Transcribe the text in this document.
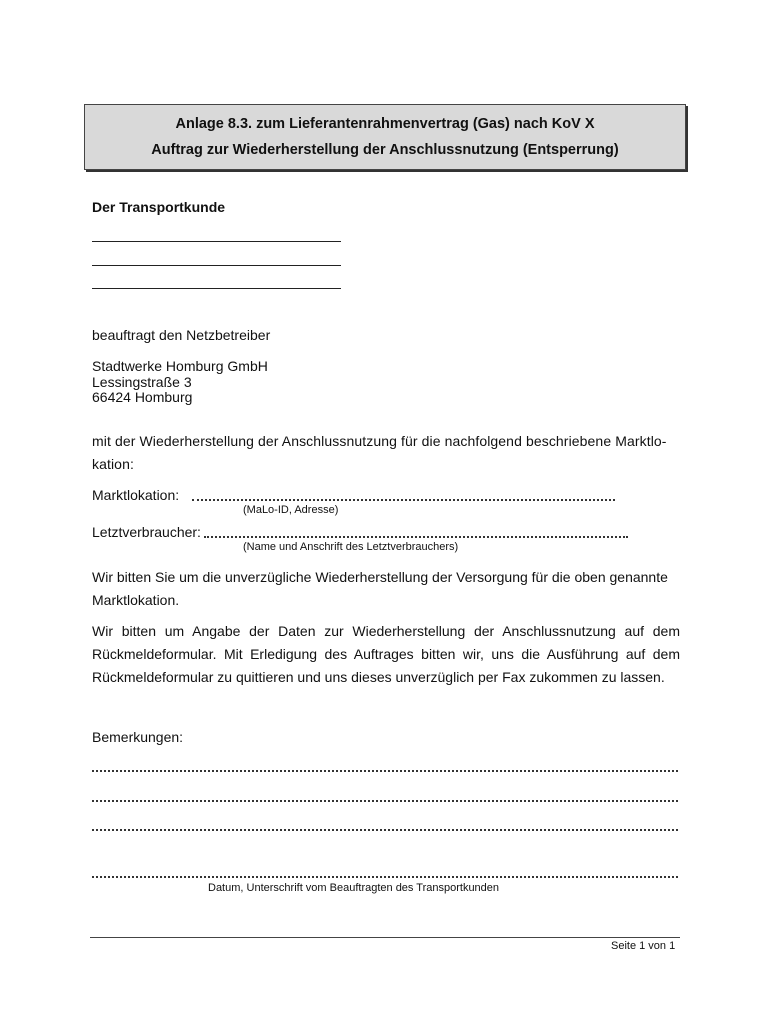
Anlage 8.3. zum Lieferantenrahmenvertrag (Gas) nach KoV X
Auftrag zur Wiederherstellung der Anschlussnutzung (Entsperrung)
Der Transportkunde
beauftragt den Netzbetreiber
Stadtwerke Homburg GmbH
Lessingstraße 3
66424 Homburg
mit der Wiederherstellung der Anschlussnutzung für die nachfolgend beschriebene Marktlo-kation:
Marktlokation:
(MaLo-ID, Adresse)
Letztverbraucher:
(Name und Anschrift des Letztverbrauchers)
Wir bitten Sie um die unverzügliche Wiederherstellung der Versorgung für die oben genannte Marktlokation.
Wir bitten um Angabe der Daten zur Wiederherstellung der Anschlussnutzung auf dem Rückmeldeformular. Mit Erledigung des Auftrages bitten wir, uns die Ausführung auf dem Rückmeldeformular zu quittieren und uns dieses unverzüglich per Fax zukommen zu lassen.
Bemerkungen:
Datum, Unterschrift vom Beauftragten des Transportkunden
Seite 1 von 1
